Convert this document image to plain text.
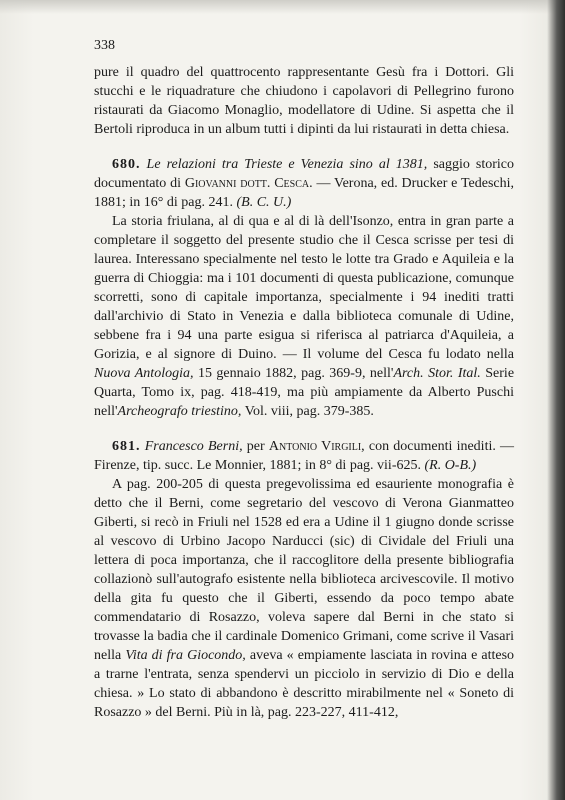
338

pure il quadro del quattrocento rappresentante Gesù fra i Dottori. Gli stucchi e le riquadrature che chiudono i capolavori di Pellegrino furono ristaurati da Giacomo Monaglio, modellatore di Udine. Si aspetta che il Bertoli riproduca in un album tutti i dipinti da lui ristaurati in detta chiesa.

680. Le relazioni tra Trieste e Venezia sino al 1381, saggio storico documentato di Giovanni dott. Cesca. — Verona, ed. Drucker e Tedeschi, 1881; in 16° di pag. 241. (B. C. U.)

La storia friulana, al di qua e al di là dell'Isonzo, entra in gran parte a completare il soggetto del presente studio che il Cesca scrisse per tesi di laurea. Interessano specialmente nel testo le lotte tra Grado e Aquileia e la guerra di Chioggia: ma i 101 documenti di questa publicazione, comunque scorretti, sono di capitale importanza, specialmente i 94 inediti tratti dall'archivio di Stato in Venezia e dalla biblioteca comunale di Udine, sebbene fra i 94 una parte esigua si riferisca al patriarca d'Aquileia, a Gorizia, e al signore di Duino. — Il volume del Cesca fu lodato nella Nuova Antologia, 15 gennaio 1882, pag. 369-9, nell'Arch. Stor. Ital. Serie Quarta, Tomo ix, pag. 418-419, ma più ampiamente da Alberto Puschi nell'Archeografo triestino, Vol. viii, pag. 379-385.

681. Francesco Berni, per Antonio Virgili, con documenti inediti. — Firenze, tip. succ. Le Monnier, 1881; in 8° di pag. vii-625. (R. O-B.)

A pag. 200-205 di questa pregevolissima ed esauriente monografia è detto che il Berni, come segretario del vescovo di Verona Gianmatteo Giberti, si recò in Friuli nel 1528 ed era a Udine il 1 giugno donde scrisse al vescovo di Urbino Jacopo Narducci (sic) di Cividale del Friuli una lettera di poca importanza, che il raccoglitore della presente bibliografia collazionò sull'autografo esistente nella biblioteca arcivescovile. Il motivo della gita fu questo che il Giberti, essendo da poco tempo abate commendatario di Rosazzo, voleva sapere dal Berni in che stato si trovasse la badia che il cardinale Domenico Grimani, come scrive il Vasari nella Vita di fra Giocondo, aveva « empiamente lasciata in rovina e atteso a trarne l'entrata, senza spendervi un picciolo in servizio di Dio e della chiesa. » Lo stato di abbandono è descritto mirabilmente nel « Soneto di Rosazzo » del Berni. Più in là, pag. 223-227, 411-412,
